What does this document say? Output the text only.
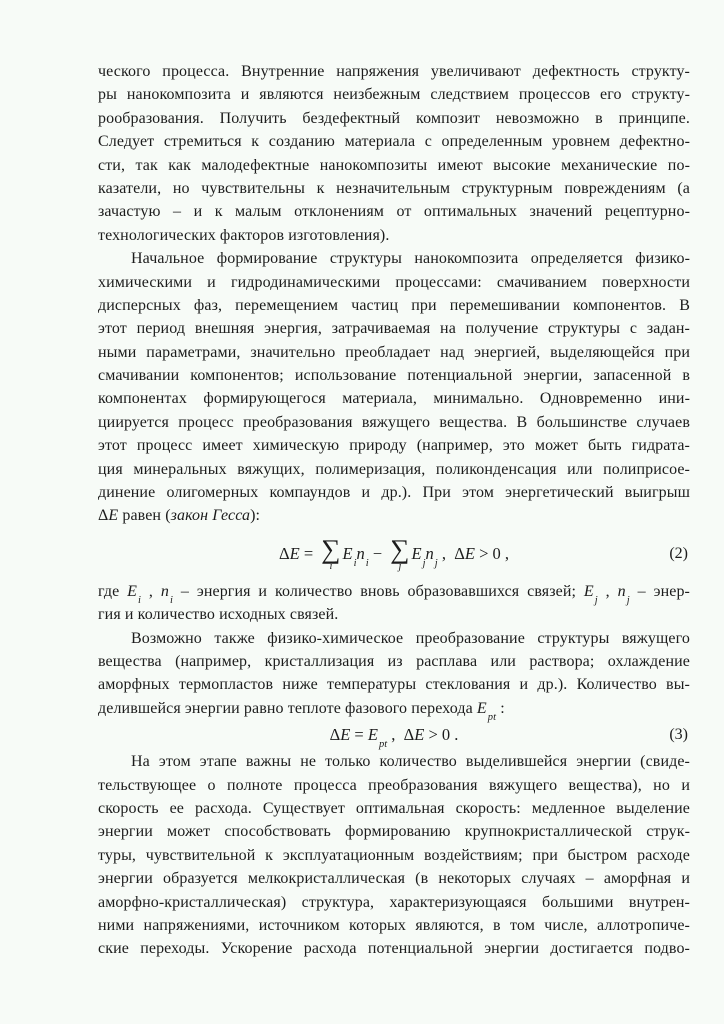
ческого процесса. Внутренние напряжения увеличивают дефектность структу-
ры нанокомпозита и являются неизбежным следствием процессов его структу-
рообразования. Получить бездефектный композит невозможно в принципе.
Следует стремиться к созданию материала с определенным уровнем дефектно-
сти, так как малодефектные нанокомпозиты имеют высокие механические по-
казатели, но чувствительны к незначительным структурным повреждениям (а
зачастую – и к малым отклонениям от оптимальных значений рецептурно-
технологических факторов изготовления).
Начальное формирование структуры нанокомпозита определяется физико-
химическими и гидродинамическими процессами: смачиванием поверхности
дисперсных фаз, перемещением частиц при перемешивании компонентов. В
этот период внешняя энергия, затрачиваемая на получение структуры с задан-
ными параметрами, значительно преобладает над энергией, выделяющейся при
смачивании компонентов; использование потенциальной энергии, запасенной в
компонентах формирующегося материала, минимально. Одновременно ини-
циируется процесс преобразования вяжущего вещества. В большинстве случаев
этот процесс имеет химическую природу (например, это может быть гидрата-
ция минеральных вяжущих, полимеризация, поликонденсация или полиприсое-
динение олигомерных компаундов и др.). При этом энергетический выигрыш
ΔE равен (закон Гесса):
Δ E = ∑
i
$E_i$
$n_i$
− ∑
j
$E_j$
$n_j$
, Δ E > 0 ,	(2)
где $E_i$ , $n_i$ – энергия и количество вновь образовавшихся связей; $E_j$ , $n_j$ – энер-
гия и количество исходных связей.
Возможно также физико-химическое преобразование структуры вяжущего
вещества (например, кристаллизация из расплава или раствора; охлаждение
аморфных термопластов ниже температуры стеклования и др.). Количество вы-
делившейся энергии равно теплоте фазового перехода $E_{pt}$ :
Δ $E = E_{pt}$
, Δ E > 0 .	(3)
На этом этапе важны не только количество выделившейся энергии (свиде-
тельствующее о полноте процесса преобразования вяжущего вещества), но и
скорость ее расхода. Существует оптимальная скорость: медленное выделение
энергии может способствовать формированию крупнокристаллической струк-
туры, чувствительной к эксплуатационным воздействиям; при быстром расходе
энергии образуется мелкокристаллическая (в некоторых случаях – аморфная и
аморфно-кристаллическая) структура, характеризующаяся большими внутрен-
ними напряжениями, источником которых являются, в том числе, аллотропиче-
ские переходы. Ускорение расхода потенциальной энергии достигается подво-
